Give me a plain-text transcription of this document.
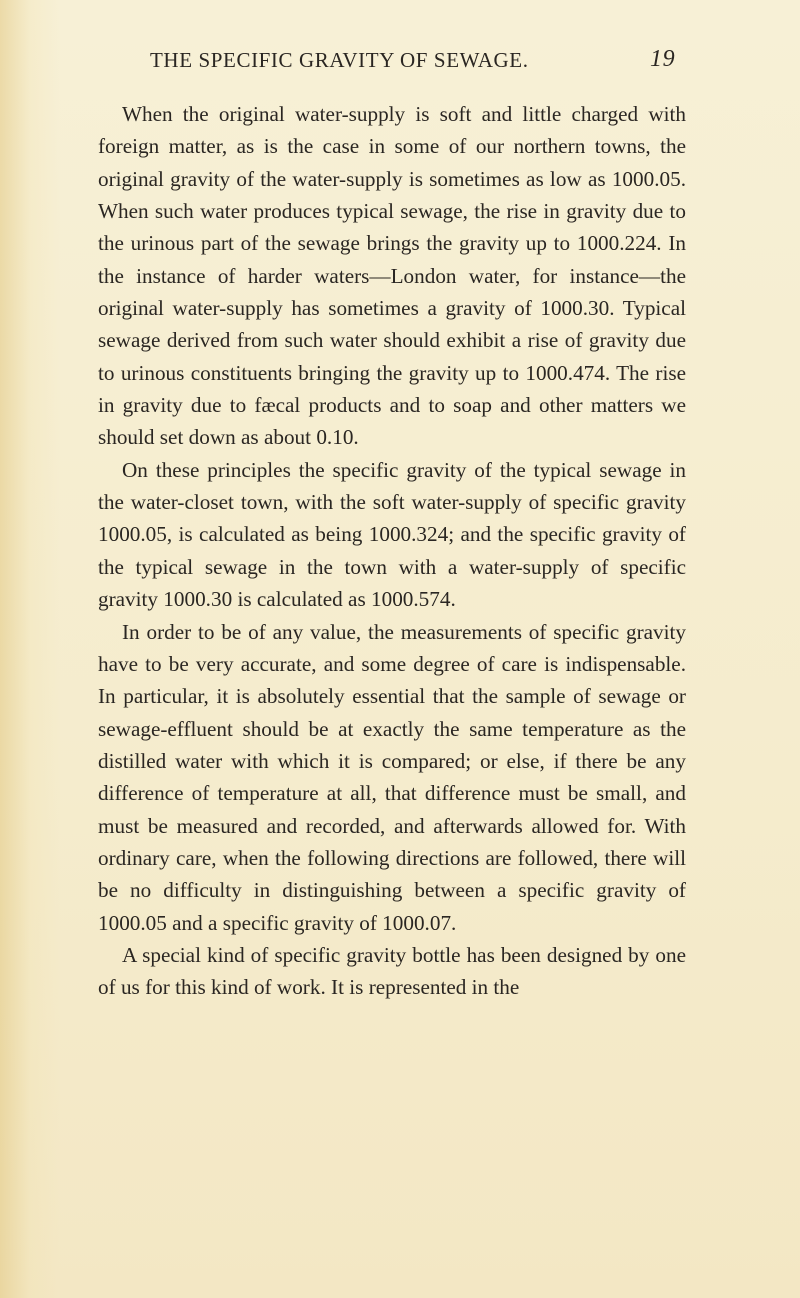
THE SPECIFIC GRAVITY OF SEWAGE.	19

When the original water-supply is soft and little charged with foreign matter, as is the case in some of our northern towns, the original gravity of the water-supply is sometimes as low as 1000.05. When such water produces typical sewage, the rise in gravity due to the urinous part of the sewage brings the gravity up to 1000.224. In the instance of harder waters—London water, for instance—the original water-supply has sometimes a gravity of 1000.30. Typical sewage derived from such water should exhibit a rise of gravity due to urinous constituents bringing the gravity up to 1000.474. The rise in gravity due to fæcal products and to soap and other matters we should set down as about 0.10.

On these principles the specific gravity of the typical sewage in the water-closet town, with the soft water-supply of specific gravity 1000.05, is calculated as being 1000.324; and the specific gravity of the typical sewage in the town with a water-supply of specific gravity 1000.30 is calculated as 1000.574.

In order to be of any value, the measurements of specific gravity have to be very accurate, and some degree of care is indispensable. In particular, it is absolutely essential that the sample of sewage or sewage-effluent should be at exactly the same temperature as the distilled water with which it is compared; or else, if there be any difference of temperature at all, that difference must be small, and must be measured and recorded, and afterwards allowed for. With ordinary care, when the following directions are followed, there will be no difficulty in distinguishing between a specific gravity of 1000.05 and a specific gravity of 1000.07.

A special kind of specific gravity bottle has been designed by one of us for this kind of work. It is represented in the
